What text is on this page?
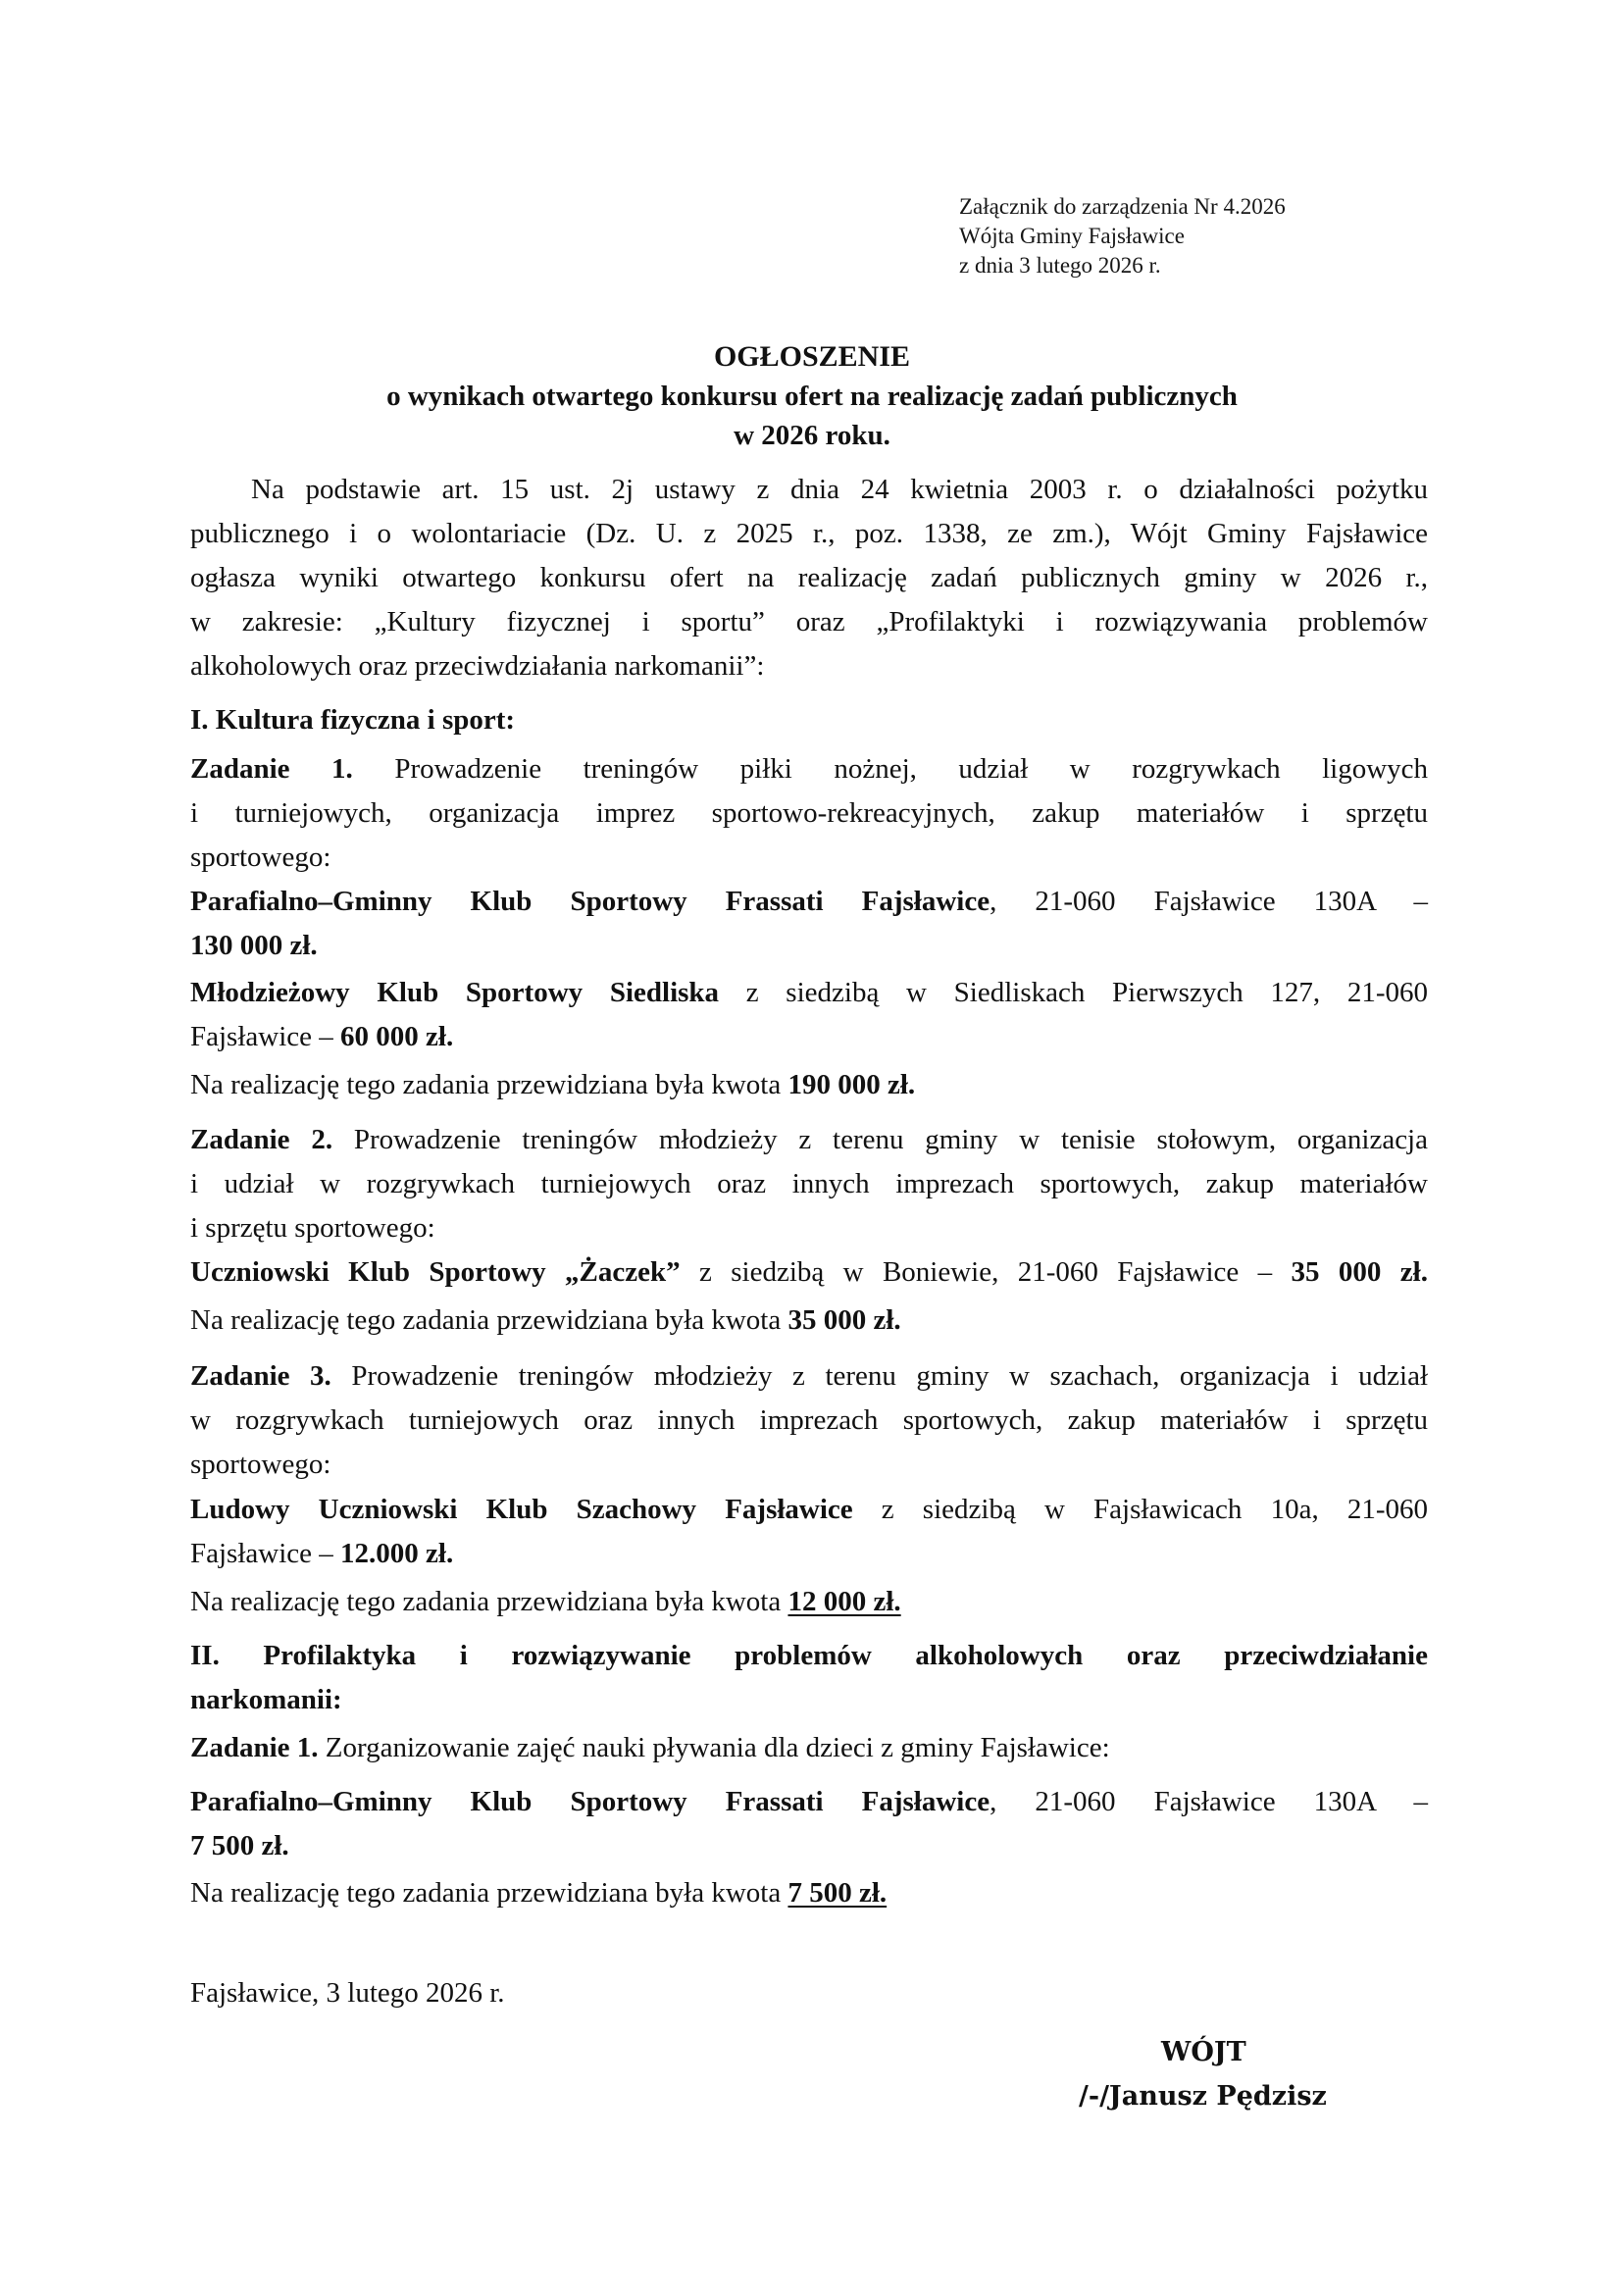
Załącznik do zarządzenia Nr 4.2026
Wójta Gminy Fajsławice
z dnia 3 lutego 2026 r.
OGŁOSZENIE
o wynikach otwartego konkursu ofert na realizację zadań publicznych
w 2026 roku.
Na podstawie art. 15 ust. 2j ustawy z dnia 24 kwietnia 2003 r. o działalności pożytku
publicznego i o wolontariacie (Dz. U. z 2025 r., poz. 1338, ze zm.), Wójt Gminy Fajsławice
ogłasza wyniki otwartego konkursu ofert na realizację zadań publicznych gminy w 2026 r.,
w zakresie: „Kultury fizycznej i sportu” oraz „Profilaktyki i rozwiązywania problemów
alkoholowych oraz przeciwdziałania narkomanii”:
I. Kultura fizyczna i sport:
Zadanie 1. Prowadzenie treningów piłki nożnej, udział w rozgrywkach ligowych
i turniejowych, organizacja imprez sportowo-rekreacyjnych, zakup materiałów i sprzętu
sportowego:
Parafialno–Gminny Klub Sportowy Frassati Fajsławice, 21-060 Fajsławice 130A –
130 000 zł.
Młodzieżowy Klub Sportowy Siedliska z siedzibą w Siedliskach Pierwszych 127, 21-060
Fajsławice – 60 000 zł.
Na realizację tego zadania przewidziana była kwota 190 000 zł.
Zadanie 2. Prowadzenie treningów młodzieży z terenu gminy w tenisie stołowym, organizacja
i udział w rozgrywkach turniejowych oraz innych imprezach sportowych, zakup materiałów
i sprzętu sportowego:
Uczniowski Klub Sportowy „Żaczek” z siedzibą w Boniewie, 21-060 Fajsławice – 35 000 zł.
Na realizację tego zadania przewidziana była kwota 35 000 zł.
Zadanie 3. Prowadzenie treningów młodzieży z terenu gminy w szachach, organizacja i udział
w rozgrywkach turniejowych oraz innych imprezach sportowych, zakup materiałów i sprzętu
sportowego:
Ludowy Uczniowski Klub Szachowy Fajsławice z siedzibą w Fajsławicach 10a, 21-060
Fajsławice – 12.000 zł.
Na realizację tego zadania przewidziana była kwota 12 000 zł.
II. Profilaktyka i rozwiązywanie problemów alkoholowych oraz przeciwdziałanie
narkomanii:
Zadanie 1. Zorganizowanie zajęć nauki pływania dla dzieci z gminy Fajsławice:
Parafialno–Gminny Klub Sportowy Frassati Fajsławice, 21-060 Fajsławice 130A –
7 500 zł.
Na realizację tego zadania przewidziana była kwota 7 500 zł.
Fajsławice, 3 lutego 2026 r.
WÓJT
/-/Janusz Pędzisz
